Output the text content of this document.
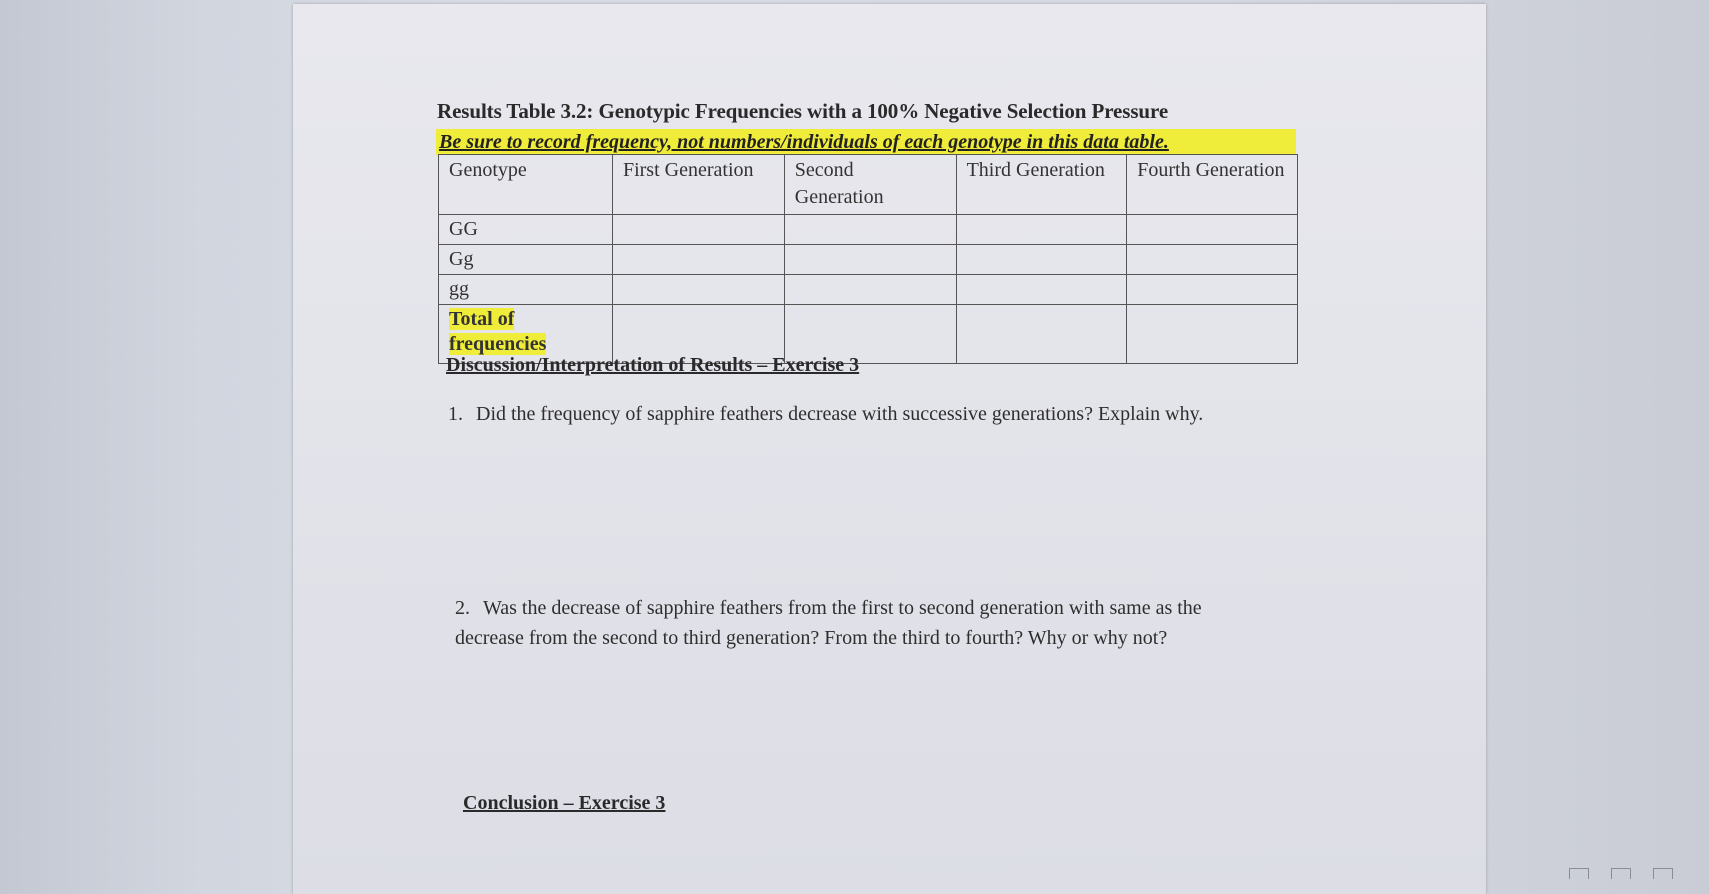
Results Table 3.2: Genotypic Frequencies with a 100% Negative Selection Pressure
Be sure to record frequency, not numbers/individuals of each genotype in this data table.
Genotype	First Generation	Second Generation	Third Generation	Fourth Generation
GG				
Gg				
gg				
Total of frequencies				
Discussion/Interpretation of Results – Exercise 3
1. Did the frequency of sapphire feathers decrease with successive generations? Explain why.
2. Was the decrease of sapphire feathers from the first to second generation with same as the
decrease from the second to third generation? From the third to fourth? Why or why not?
Conclusion – Exercise 3
